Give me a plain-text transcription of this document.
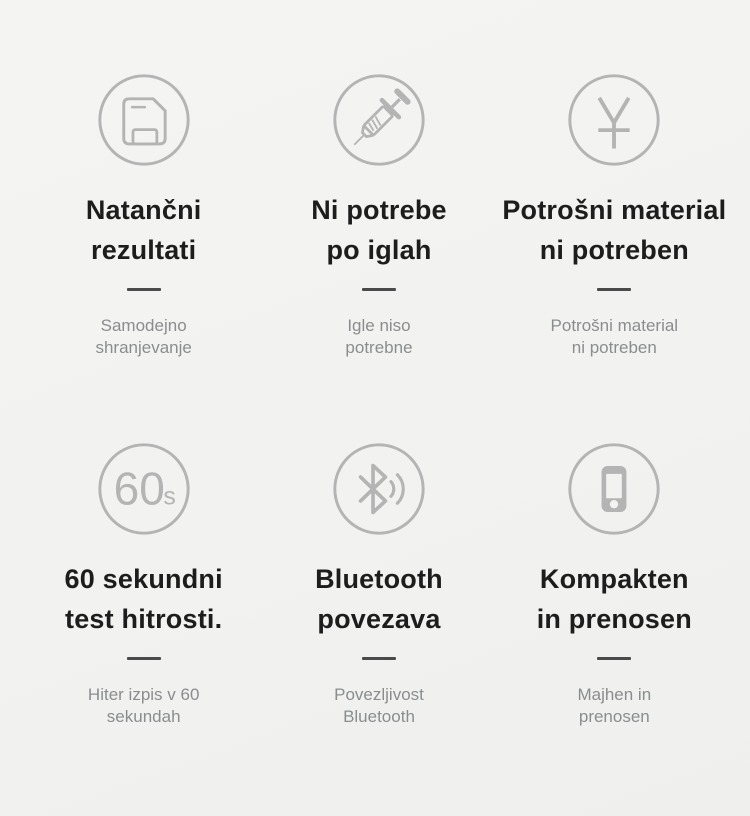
Natančni
rezultati
Samodejno
shranjevanje
Ni potrebe
po iglah
Igle niso
potrebne
Potrošni material
ni potreben
Potrošni material
ni potreben
60
s
60 sekundni
test hitrosti.
Hiter izpis v 60
sekundah
Bluetooth
povezava
Povezljivost
Bluetooth
Kompakten
in prenosen
Majhen in
prenosen
